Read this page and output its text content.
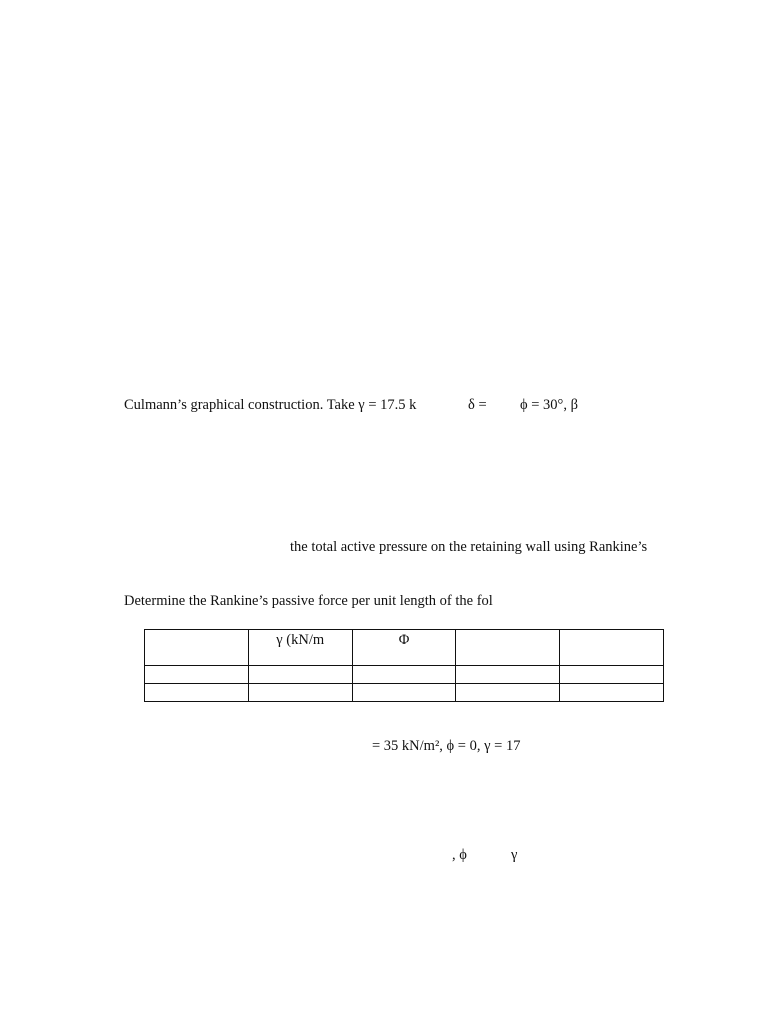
Culmann’s graphical construction. Take γ = 17.5 k	δ = ϕ = 30°, β
the total active pressure on the retaining wall using Rankine’s
Determine the Rankine’s passive force per unit length of the fol
	γ (kN/m	Φ		

= 35 kN/m², ϕ = 0, γ = 17
, ϕ	γ
